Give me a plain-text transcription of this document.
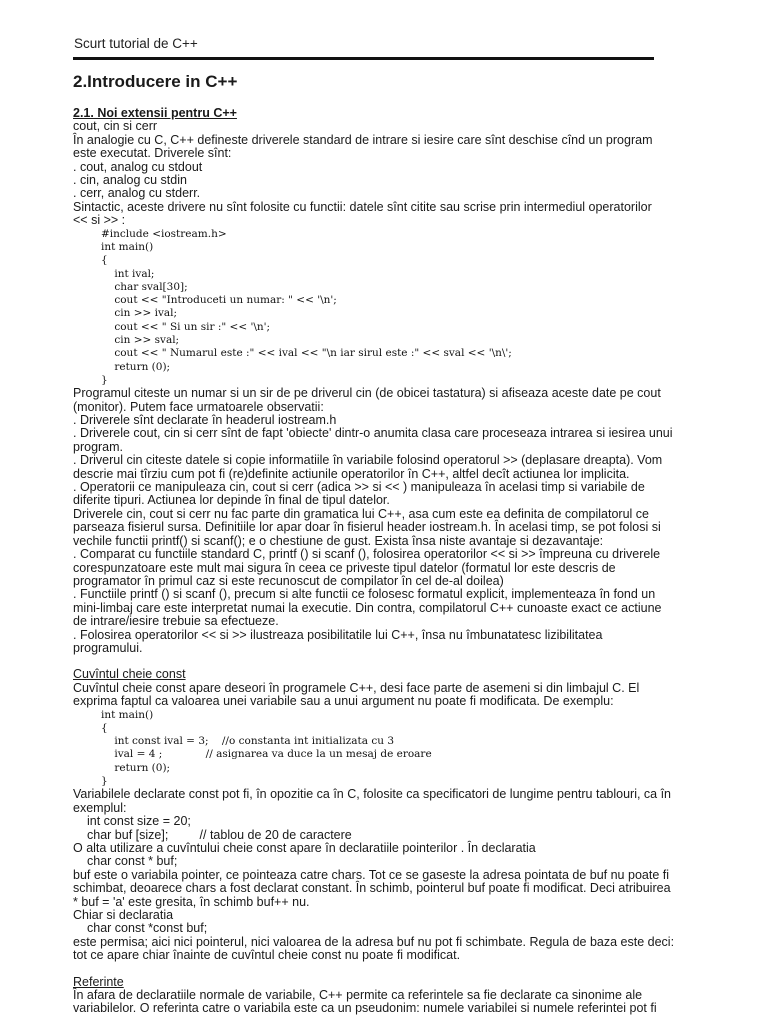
Scurt tutorial de C++
2.Introducere in C++
2.1. Noi extensii pentru C++
cout, cin si cerr
În analogie cu C, C++ defineste driverele standard de intrare si iesire care sînt deschise cînd un program
este executat. Driverele sînt:
. cout, analog cu stdout
. cin, analog cu stdin
. cerr, analog cu stderr.
Sintactic, aceste drivere nu sînt folosite cu functii: datele sînt citite sau scrise prin intermediul operatorilor
<< si >> :
#include <iostream.h>
int main()
{
int ival;
char sval[30];
cout << "Introduceti un numar: " << '\n';
cin >> ival;
cout << " Si un sir :" << '\n';
cin >> sval;
cout << " Numarul este :" << ival << "\n iar sirul este :" << sval << '\n\';
return (0);
}
Programul citeste un numar si un sir de pe driverul cin (de obicei tastatura) si afiseaza aceste date pe cout
(monitor). Putem face urmatoarele observatii:
. Driverele sînt declarate în headerul iostream.h
. Driverele cout, cin si cerr sînt de fapt 'obiecte' dintr-o anumita clasa care proceseaza intrarea si iesirea unui
program.
. Driverul cin citeste datele si copie informatiile în variabile folosind operatorul >> (deplasare dreapta). Vom
descrie mai tîrziu cum pot fi (re)definite actiunile operatorilor în C++, altfel decît actiunea lor implicita.
. Operatorii ce manipuleaza cin, cout si cerr (adica >> si << ) manipuleaza în acelasi timp si variabile de
diferite tipuri. Actiunea lor depinde în final de tipul datelor.
Driverele cin, cout si cerr nu fac parte din gramatica lui C++, asa cum este ea definita de compilatorul ce
parseaza fisierul sursa. Definitiile lor apar doar în fisierul header iostream.h. În acelasi timp, se pot folosi si
vechile functii printf() si scanf(); e o chestiune de gust. Exista însa niste avantaje si dezavantaje:
. Comparat cu functiile standard C, printf () si scanf (), folosirea operatorilor << si >> împreuna cu driverele
corespunzatoare este mult mai sigura în ceea ce priveste tipul datelor (formatul lor este descris de
programator în primul caz si este recunoscut de compilator în cel de-al doilea)
. Functiile printf () si scanf (), precum si alte functii ce folosesc formatul explicit, implementeaza în fond un
mini-limbaj care este interpretat numai la executie. Din contra, compilatorul C++ cunoaste exact ce actiune
de intrare/iesire trebuie sa efectueze.
. Folosirea operatorilor << si >> ilustreaza posibilitatile lui C++, însa nu îmbunatatesc lizibilitatea
programului.
Cuvîntul cheie const
Cuvîntul cheie const apare deseori în programele C++, desi face parte de asemeni si din limbajul C. El
exprima faptul ca valoarea unei variabile sau a unui argument nu poate fi modificata. De exemplu:
int main()
{
int const ival = 3;    //o constanta int initializata cu 3
ival = 4 ;             // asignarea va duce la un mesaj de eroare
return (0);
}
Variabilele declarate const pot fi, în opozitie ca în C, folosite ca specificatori de lungime pentru tablouri, ca în
exemplul:
int const size = 20;
char buf [size];         // tablou de 20 de caractere
O alta utilizare a cuvîntului cheie const apare în declaratiile pointerilor . În declaratia
char const * buf;
buf este o variabila pointer, ce pointeaza catre chars. Tot ce se gaseste la adresa pointata de buf nu poate fi
schimbat, deoarece chars a fost declarat constant. În schimb, pointerul buf poate fi modificat. Deci atribuirea
* buf = 'a' este gresita, în schimb buf++ nu.
Chiar si declaratia
char const *const buf;
este permisa; aici nici pointerul, nici valoarea de la adresa buf nu pot fi schimbate. Regula de baza este deci:
tot ce apare chiar înainte de cuvîntul cheie const nu poate fi modificat.
Referinte
În afara de declaratiile normale de variabile, C++ permite ca referintele sa fie declarate ca sinonime ale
variabilelor. O referinta catre o variabila este ca un pseudonim: numele variabilei si numele referintei pot fi
